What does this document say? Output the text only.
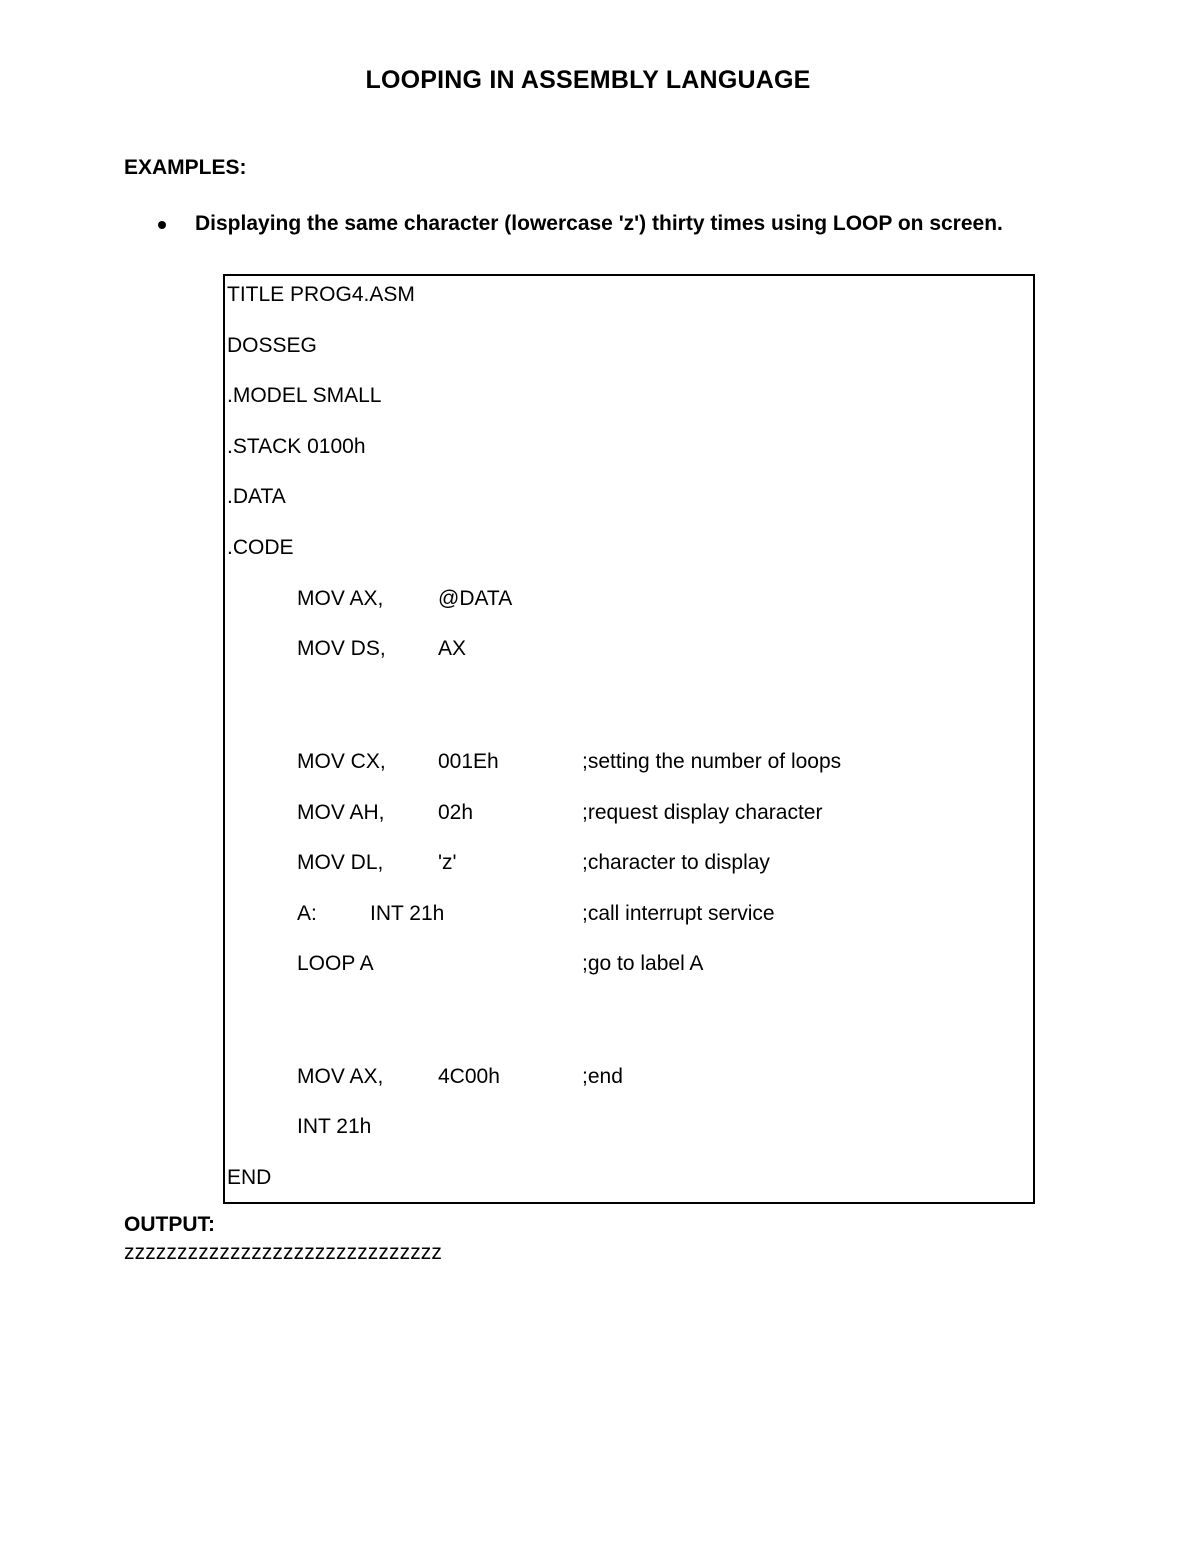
LOOPING IN ASSEMBLY LANGUAGE
EXAMPLES:
Displaying the same character (lowercase 'z') thirty times using LOOP on screen.
TITLE PROG4.ASM
DOSSEG
.MODEL SMALL
.STACK 0100h
.DATA
.CODE
MOV AX,	@DATA
MOV DS, AX
MOV CX, 001Eh	;setting the number of loops
MOV AH,	02h	;request display character
MOV DL,	'z'	;character to display
A:	INT 21h	;call interrupt service
LOOP A	;go to label A
MOV AX,	4C00h	;end
INT 21h
END
OUTPUT:
zzzzzzzzzzzzzzzzzzzzzzzzzzzzzz
